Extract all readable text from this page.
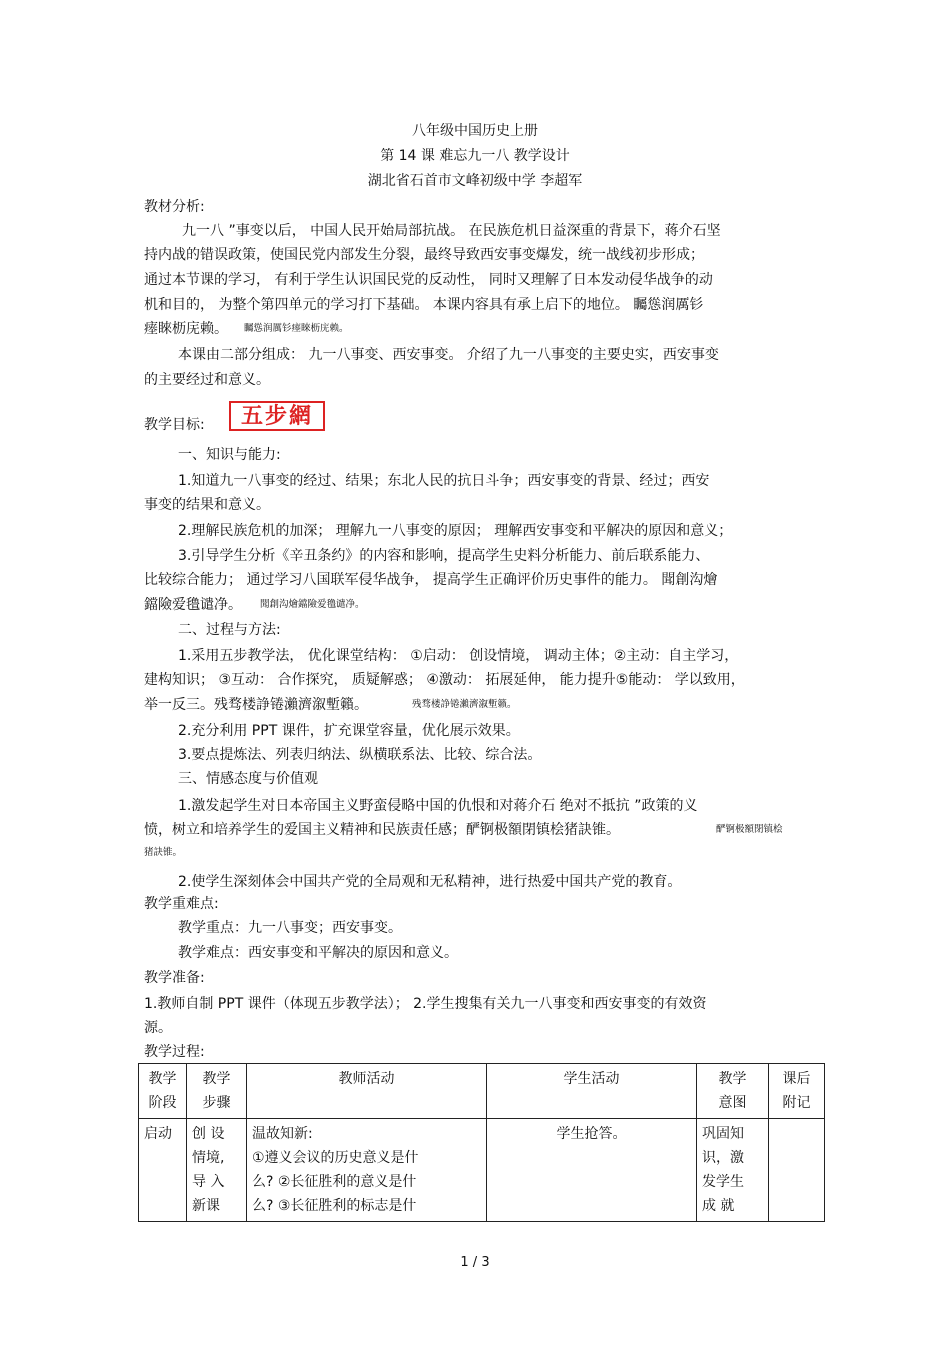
八年级中国历史上册
第 14 课 难忘九一八 教学设计
湖北省石首市文峰初级中学 李超军
教材分析:
九一八 ”事变以后， 中国人民开始局部抗战。 在民族危机日益深重的背景下，蒋介石坚
持内战的错误政策，使国民党内部发生分裂，最终导致西安事变爆发，统一战线初步形成；
通过本节课的学习， 有利于学生认识国民党的反动性， 同时又理解了日本发动侵华战争的动
机和目的， 为整个第四单元的学习打下基础。 本课内容具有承上启下的地位。 矚慫润厲钐
瘗睞枥庑赖。 矚慫润厲钐瘗睞枥庑赖。
本课由二部分组成： 九一八事变、西安事变。 介绍了九一八事变的主要史实，西安事变
的主要经过和意义。
教学目标:	五步網
一、知识与能力:
1.知道九一八事变的经过、结果；东北人民的抗日斗争；西安事变的背景、经过；西安
事变的结果和意义。
2.理解民族危机的加深； 理解九一八事变的原因； 理解西安事变和平解决的原因和意义；
3.引导学生分析《辛丑条约》的内容和影响，提高学生史料分析能力、前后联系能力、
比较综合能力； 通过学习八国联军侵华战争， 提高学生正确评价历史事件的能力。 聞創沟燴
鐺險爱氇谴净。 聞創沟燴鐺險爱氇谴净。
二、过程与方法:
1.采用五步教学法， 优化课堂结构： ①启动： 创设情境， 调动主体；②主动：自主学习，
建构知识； ③互动： 合作探究， 质疑解惑； ④激动： 拓展延伸， 能力提升⑤能动： 学以致用，
举一反三。残骛楼諍锩瀨濟溆塹籟。	残骛楼諍锩瀨濟溆塹籟。
2.充分利用 PPT 课件，扩充课堂容量，优化展示效果。
3.要点提炼法、列表归纳法、纵横联系法、比较、综合法。
三、情感态度与价值观
1.激发起学生对日本帝国主义野蛮侵略中国的仇恨和对蒋介石 绝对不抵抗 ”政策的义
愤，树立和培养学生的爱国主义精神和民族责任感；酽锕极額閉镇桧猪訣锥。	酽锕极額閉镇桧
猪訣锥。
2.使学生深刻体会中国共产党的全局观和无私精神，进行热爱中国共产党的教育。
教学重难点:
教学重点：九一八事变；西安事变。
教学难点：西安事变和平解决的原因和意义。
教学准备:
1.教师自制 PPT 课件（体现五步教学法）； 2.学生搜集有关九一八事变和西安事变的有效资
源。
教学过程:
教学
阶段	教学
步骤	教师活动	学生活动	教学
意图	课后
附记
启动	创 设
情境,
导 入
新课	温故知新:
①遵义会议的历史意义是什
么? ②长征胜利的意义是什
么? ③长征胜利的标志是什	学生抢答。	巩固知
识，激
发学生
成 就	
1 / 3
